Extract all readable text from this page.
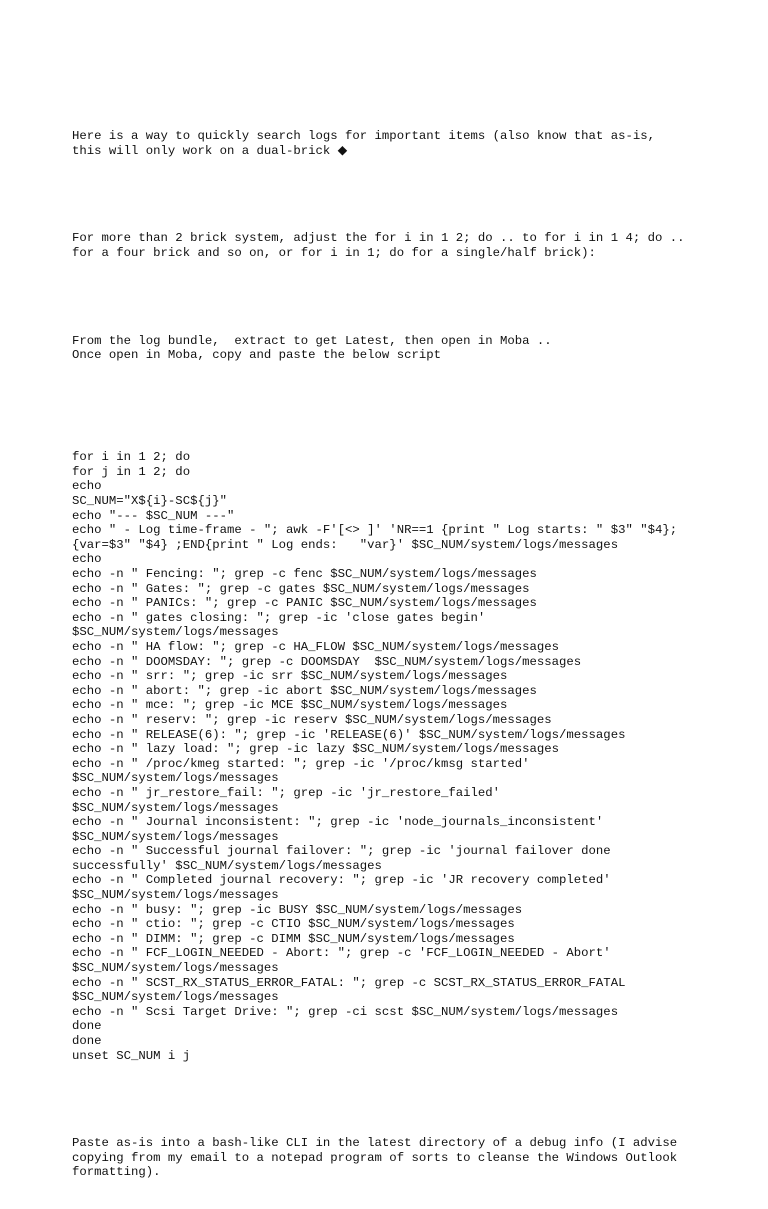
Here is a way to quickly search logs for important items (also know that as-is,
this will only work on a dual-brick ◆

For more than 2 brick system, adjust the for i in 1 2; do .. to for i in 1 4; do ..
for a four brick and so on, or for i in 1; do for a single/half brick):

From the log bundle,  extract to get Latest, then open in Moba ..
Once open in Moba, copy and paste the below script

for i in 1 2; do
for j in 1 2; do
echo
SC_NUM="X${i}-SC${j}"
echo "--- $SC_NUM ---"
echo " - Log time-frame - "; awk -F'[<> ]' 'NR==1 {print " Log starts: " $3" "$4};
{var=$3" "$4} ;END{print " Log ends:   "var}' $SC_NUM/system/logs/messages
echo
echo -n " Fencing: "; grep -c fenc $SC_NUM/system/logs/messages
echo -n " Gates: "; grep -c gates $SC_NUM/system/logs/messages
echo -n " PANICs: "; grep -c PANIC $SC_NUM/system/logs/messages
echo -n " gates closing: "; grep -ic 'close gates begin'
$SC_NUM/system/logs/messages
echo -n " HA flow: "; grep -c HA_FLOW $SC_NUM/system/logs/messages
echo -n " DOOMSDAY: "; grep -c DOOMSDAY  $SC_NUM/system/logs/messages
echo -n " srr: "; grep -ic srr $SC_NUM/system/logs/messages
echo -n " abort: "; grep -ic abort $SC_NUM/system/logs/messages
echo -n " mce: "; grep -ic MCE $SC_NUM/system/logs/messages
echo -n " reserv: "; grep -ic reserv $SC_NUM/system/logs/messages
echo -n " RELEASE(6): "; grep -ic 'RELEASE(6)' $SC_NUM/system/logs/messages
echo -n " lazy load: "; grep -ic lazy $SC_NUM/system/logs/messages
echo -n " /proc/kmeg started: "; grep -ic '/proc/kmsg started'
$SC_NUM/system/logs/messages
echo -n " jr_restore_fail: "; grep -ic 'jr_restore_failed'
$SC_NUM/system/logs/messages
echo -n " Journal inconsistent: "; grep -ic 'node_journals_inconsistent'
$SC_NUM/system/logs/messages
echo -n " Successful journal failover: "; grep -ic 'journal failover done
successfully' $SC_NUM/system/logs/messages
echo -n " Completed journal recovery: "; grep -ic 'JR recovery completed'
$SC_NUM/system/logs/messages
echo -n " busy: "; grep -ic BUSY $SC_NUM/system/logs/messages
echo -n " ctio: "; grep -c CTIO $SC_NUM/system/logs/messages
echo -n " DIMM: "; grep -c DIMM $SC_NUM/system/logs/messages
echo -n " FCF_LOGIN_NEEDED - Abort: "; grep -c 'FCF_LOGIN_NEEDED - Abort'
$SC_NUM/system/logs/messages
echo -n " SCST_RX_STATUS_ERROR_FATAL: "; grep -c SCST_RX_STATUS_ERROR_FATAL
$SC_NUM/system/logs/messages
echo -n " Scsi Target Drive: "; grep -ci scst $SC_NUM/system/logs/messages
done
done
unset SC_NUM i j

Paste as-is into a bash-like CLI in the latest directory of a debug info (I advise
copying from my email to a notepad program of sorts to cleanse the Windows Outlook
formatting).
